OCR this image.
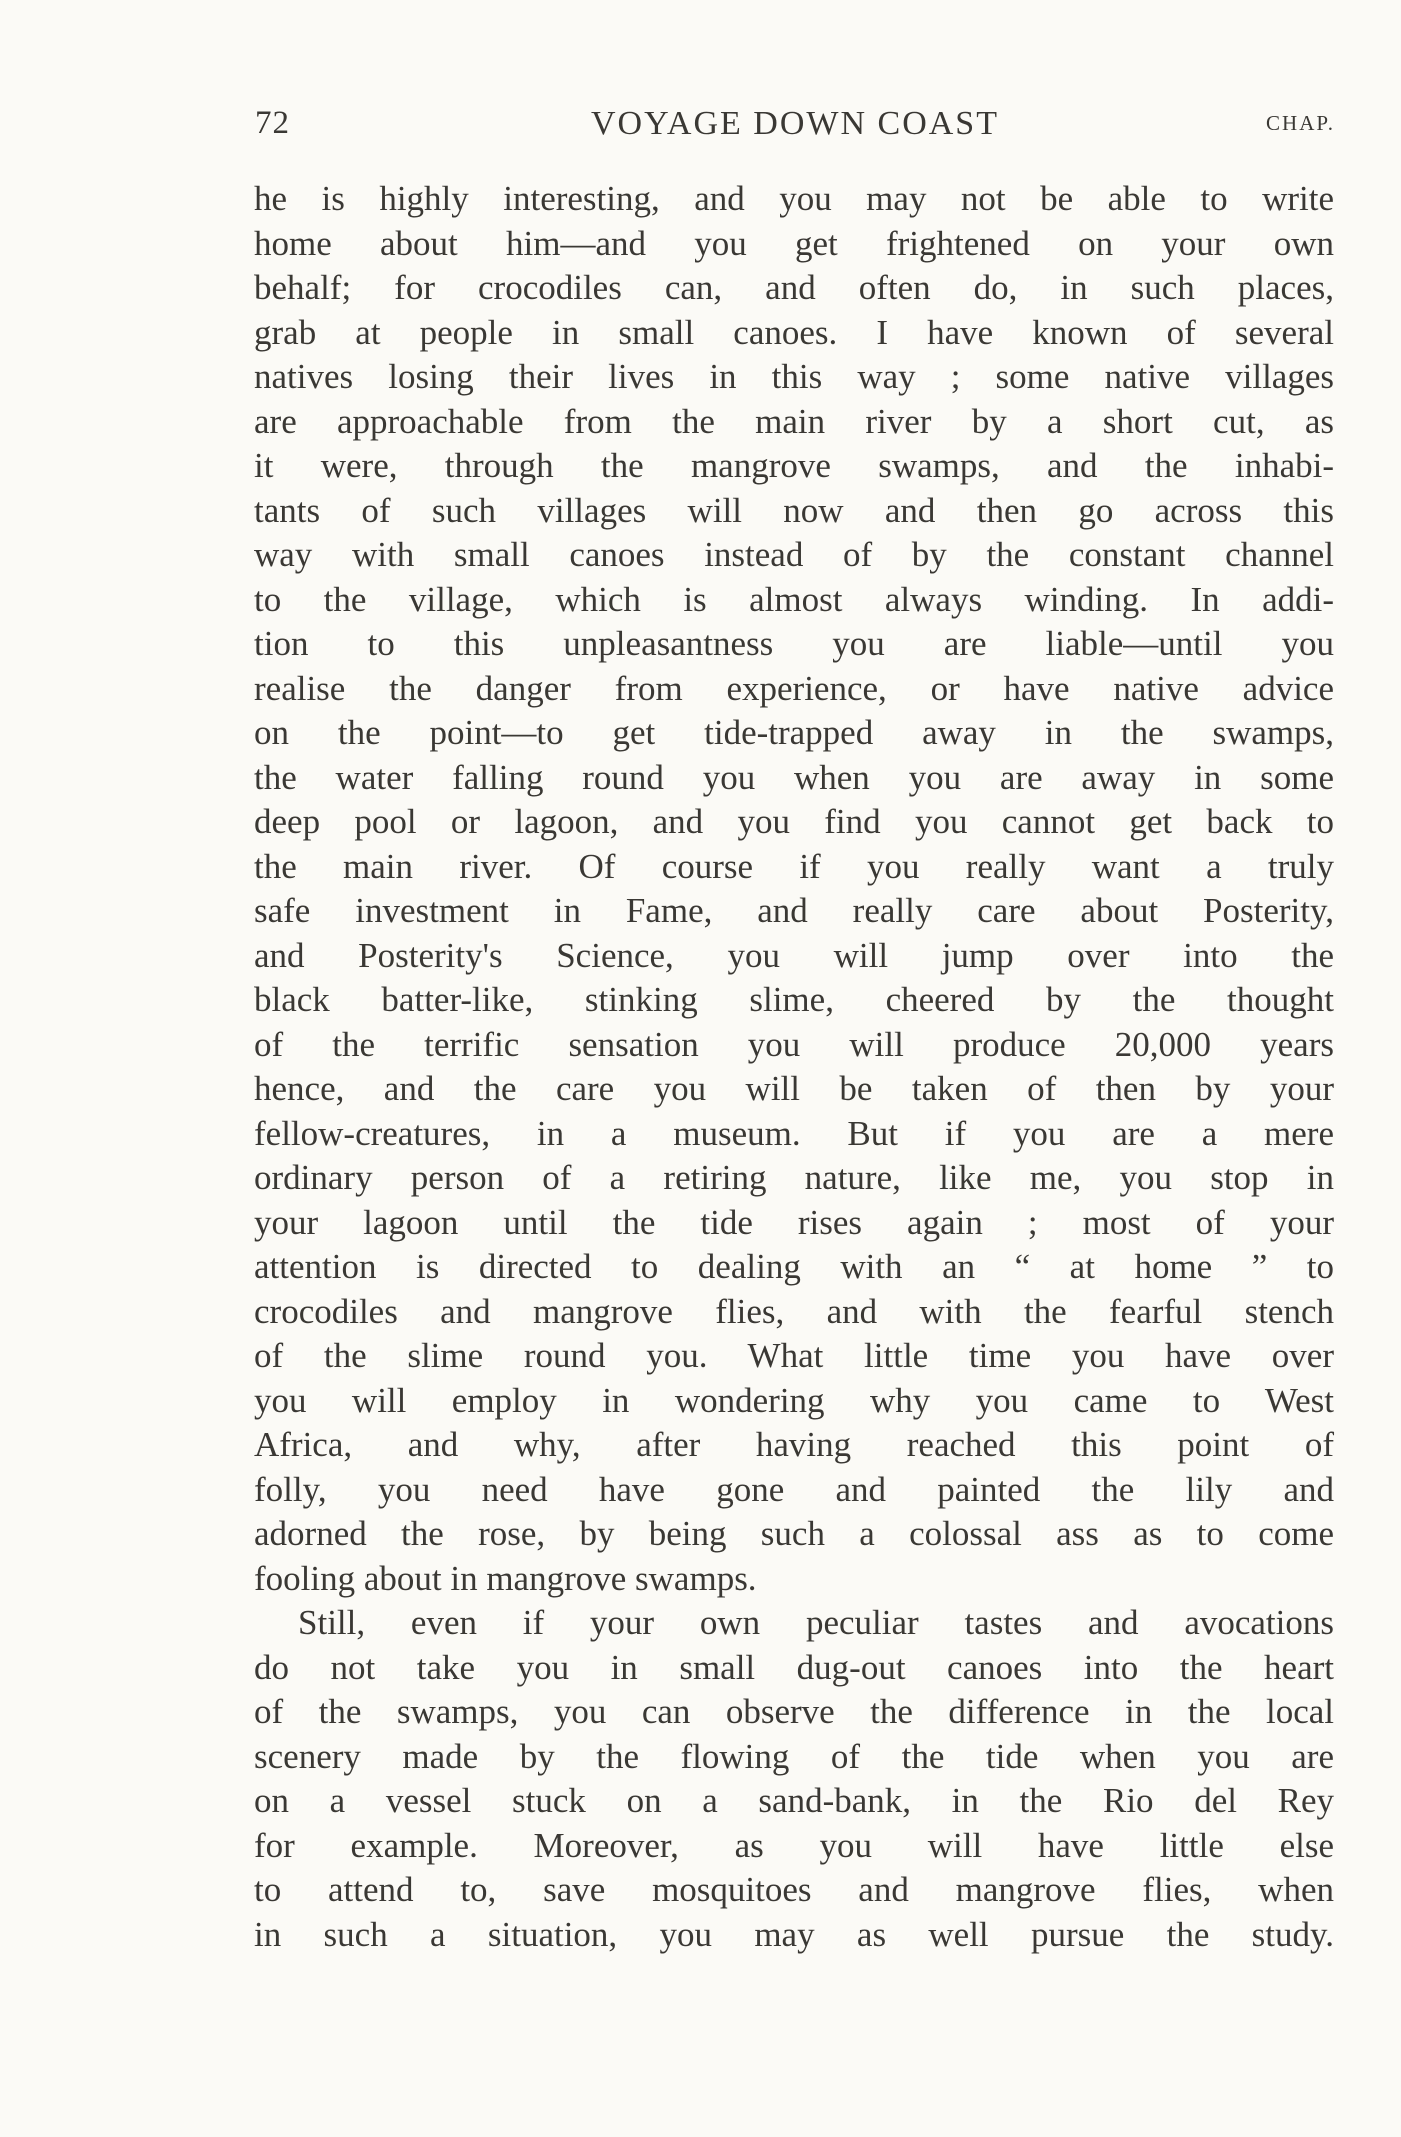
72	VOYAGE DOWN COAST	CHAP.
he is highly interesting, and you may not be able to write
home about him—and you get frightened on your own
behalf; for crocodiles can, and often do, in such places,
grab at people in small canoes. I have known of several
natives losing their lives in this way ; some native villages
are approachable from the main river by a short cut, as
it were, through the mangrove swamps, and the inhabi-
tants of such villages will now and then go across this
way with small canoes instead of by the constant channel
to the village, which is almost always winding. In addi-
tion to this unpleasantness you are liable—until you
realise the danger from experience, or have native advice
on the point—to get tide-trapped away in the swamps,
the water falling round you when you are away in some
deep pool or lagoon, and you find you cannot get back to
the main river. Of course if you really want a truly
safe investment in Fame, and really care about Posterity,
and Posterity's Science, you will jump over into the
black batter-like, stinking slime, cheered by the thought
of the terrific sensation you will produce 20,000 years
hence, and the care you will be taken of then by your
fellow-creatures, in a museum. But if you are a mere
ordinary person of a retiring nature, like me, you stop in
your lagoon until the tide rises again ; most of your
attention is directed to dealing with an “ at home ” to
crocodiles and mangrove flies, and with the fearful stench
of the slime round you. What little time you have over
you will employ in wondering why you came to West
Africa, and why, after having reached this point of
folly, you need have gone and painted the lily and
adorned the rose, by being such a colossal ass as to come
fooling about in mangrove swamps.
Still, even if your own peculiar tastes and avocations
do not take you in small dug-out canoes into the heart
of the swamps, you can observe the difference in the local
scenery made by the flowing of the tide when you are
on a vessel stuck on a sand-bank, in the Rio del Rey
for example. Moreover, as you will have little else
to attend to, save mosquitoes and mangrove flies, when
in such a situation, you may as well pursue the study.
